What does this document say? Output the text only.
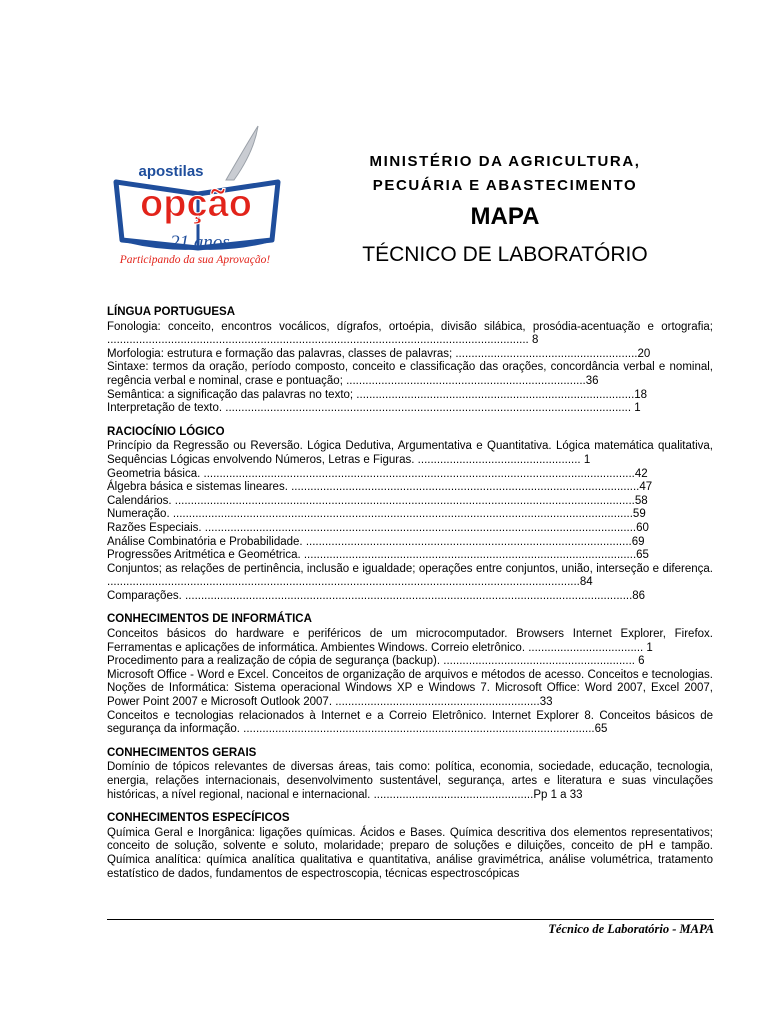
apostilas
opção
21 anos
Participando da sua Aprovação!
MINISTÉRIO DA AGRICULTURA,
PECUÁRIA E ABASTECIMENTO
MAPA
TÉCNICO DE LABORATÓRIO
LÍNGUA PORTUGUESA
Fonologia: conceito, encontros vocálicos, dígrafos, ortoépia, divisão silábica, prosódia-acentuação e ortografia; .................................................................................................................................... 8
Morfologia: estrutura e formação das palavras, classes de palavras; .........................................................20
Sintaxe: termos da oração, período composto, conceito e classificação das orações, concordância verbal e nominal, regência verbal e nominal, crase e pontuação; ...........................................................................36
Semântica: a significação das palavras no texto; .......................................................................................18
Interpretação de texto. ............................................................................................................................... 1
RACIOCÍNIO LÓGICO
Princípio da Regressão ou Reversão. Lógica Dedutiva, Argumentativa e Quantitativa. Lógica matemática qualitativa, Sequências Lógicas envolvendo Números, Letras e Figuras. ................................................... 1
Geometria básica. .......................................................................................................................................42
Álgebra básica e sistemas lineares. .............................................................................................................47
Calendários. ................................................................................................................................................58
Numeração. ................................................................................................................................................59
Razões Especiais. .......................................................................................................................................60
Análise Combinatória e Probabilidade. ......................................................................................................69
Progressões Aritmética e Geométrica. ........................................................................................................65
Conjuntos; as relações de pertinência, inclusão e igualdade; operações entre conjuntos, união, interseção e diferença. ....................................................................................................................................................84
Comparações. ............................................................................................................................................86
CONHECIMENTOS DE INFORMÁTICA
Conceitos básicos do hardware e periféricos de um microcomputador. Browsers Internet Explorer, Firefox. Ferramentas e aplicações de informática. Ambientes Windows. Correio eletrônico. .................................... 1
Procedimento para a realização de cópia de segurança (backup). ............................................................ 6
Microsoft Office - Word e Excel. Conceitos de organização de arquivos e métodos de acesso. Conceitos e tecnologias. Noções de Informática: Sistema operacional Windows XP e Windows 7. Microsoft Office: Word 2007, Excel 2007, Power Point 2007 e Microsoft Outlook 2007. ................................................................33
Conceitos e tecnologias relacionados à Internet e a Correio Eletrônico. Internet Explorer 8. Conceitos básicos de segurança da informação. ..............................................................................................................65
CONHECIMENTOS GERAIS
Domínio de tópicos relevantes de diversas áreas, tais como: política, economia, sociedade, educação, tecnologia, energia, relações internacionais, desenvolvimento sustentável, segurança, artes e literatura e suas vinculações históricas, a nível regional, nacional e internacional. ..................................................Pp 1 a 33
CONHECIMENTOS ESPECÍFICOS
Química Geral e Inorgânica: ligações químicas. Ácidos e Bases. Química descritiva dos elementos representativos; conceito de solução, solvente e soluto, molaridade; preparo de soluções e diluições, conceito de pH e tampão. Química analítica: química analítica qualitativa e quantitativa, análise gravimétrica, análise volumétrica, tratamento estatístico de dados, fundamentos de espectroscopia, técnicas espectroscópicas
Técnico de Laboratório - MAPA
